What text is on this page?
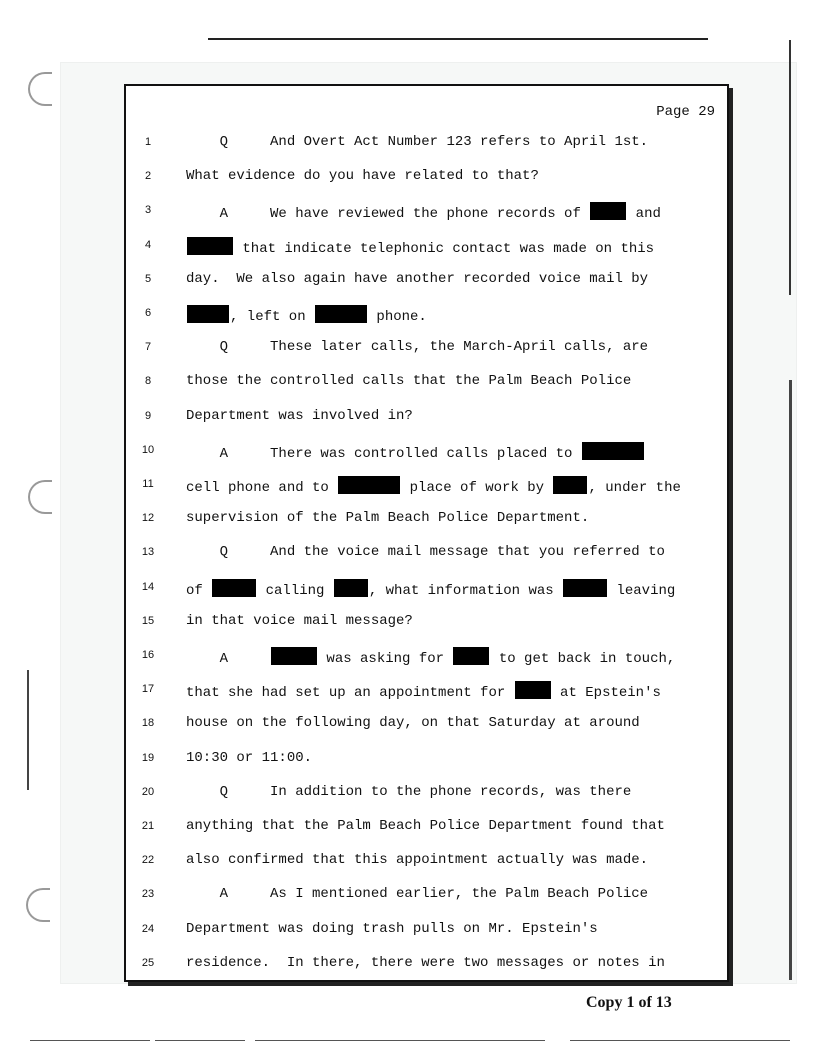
Page 29
1	Q     And Overt Act Number 123 refers to April 1st.
2	What evidence do you have related to that?
3	A     We have reviewed the phone records of	and
4	that indicate telephonic contact was made on this
5	day.  We also again have another recorded voice mail by
6	, left on	phone.
7	Q     These later calls, the March-April calls, are
8	those the controlled calls that the Palm Beach Police
9	Department was involved in?
10	A     There was controlled calls placed to
11	cell phone and to	place of work by	, under the
12	supervision of the Palm Beach Police Department.
13	Q     And the voice mail message that you referred to
14	of	calling	, what information was	leaving
15	in that voice mail message?
16	A	was asking for	to get back in touch,
17	that she had set up an appointment for	at Epstein's
18	house on the following day, on that Saturday at around
19	10:30 or 11:00.
20	Q     In addition to the phone records, was there
21	anything that the Palm Beach Police Department found that
22	also confirmed that this appointment actually was made.
23	A     As I mentioned earlier, the Palm Beach Police
24	Department was doing trash pulls on Mr. Epstein's
25	residence.  In there, there were two messages or notes in
Copy 1 of 13
